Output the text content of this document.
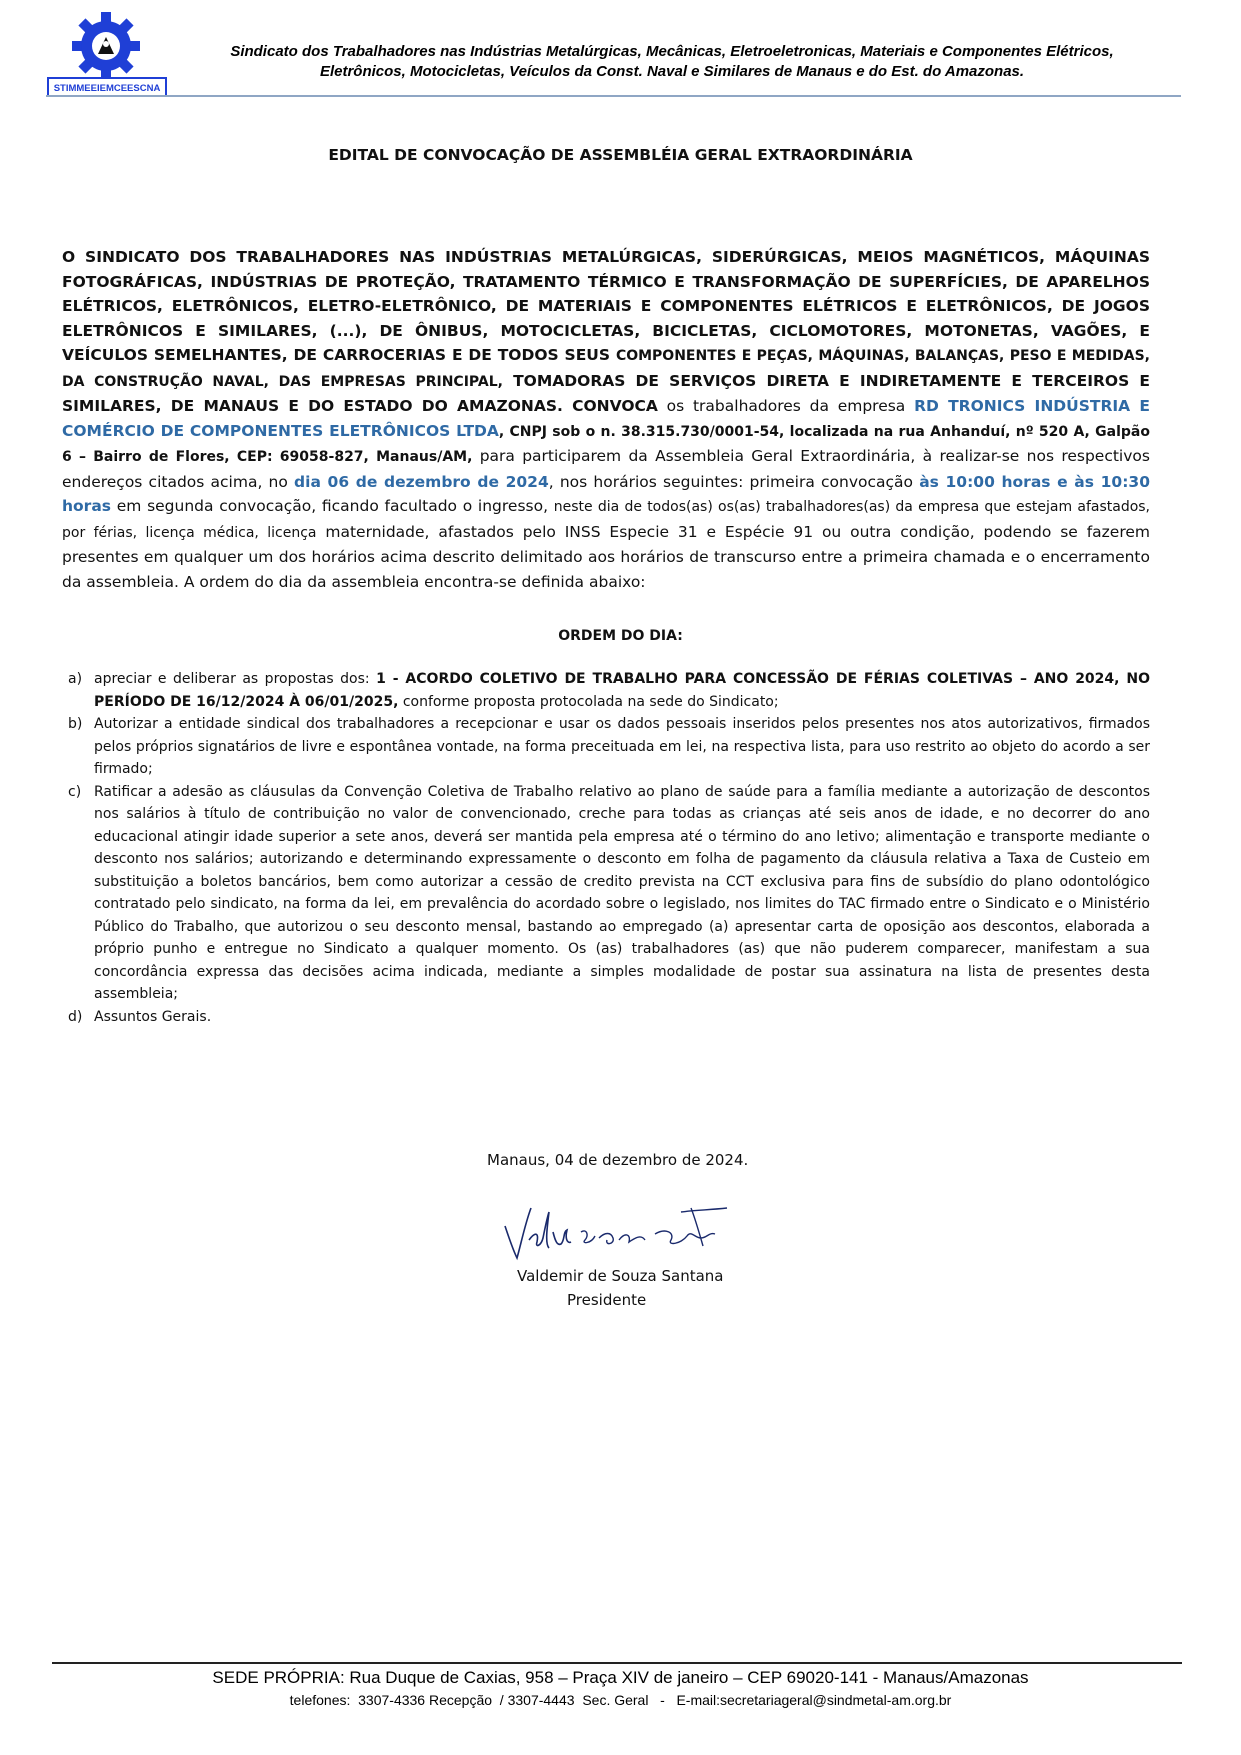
STIMMEEIEMCEESCNA
Sindicato dos Trabalhadores nas Indústrias Metalúrgicas, Mecânicas, Eletroeletronicas, Materiais e Componentes Elétricos,
Eletrônicos, Motocicletas, Veículos da Const. Naval e Similares de Manaus e do Est. do Amazonas.
EDITAL DE CONVOCAÇÃO DE ASSEMBLÉIA GERAL EXTRAORDINÁRIA

O SINDICATO DOS TRABALHADORES NAS INDÚSTRIAS METALÚRGICAS, SIDERÚRGICAS, MEIOS MAGNÉTICOS, MÁQUINAS FOTOGRÁFICAS, INDÚSTRIAS DE PROTEÇÃO, TRATAMENTO TÉRMICO E TRANSFORMAÇÃO DE SUPERFÍCIES, DE APARELHOS ELÉTRICOS, ELETRÔNICOS, ELETRO-ELETRÔNICO, DE MATERIAIS E COMPONENTES ELÉTRICOS E ELETRÔNICOS, DE JOGOS ELETRÔNICOS E SIMILARES, (...), DE ÔNIBUS, MOTOCICLETAS, BICICLETAS, CICLOMOTORES, MOTONETAS, VAGÕES, E VEÍCULOS SEMELHANTES, DE CARROCERIAS E DE TODOS SEUS COMPONENTES E PEÇAS, MÁQUINAS, BALANÇAS, PESO E MEDIDAS, DA CONSTRUÇÃO NAVAL, DAS EMPRESAS PRINCIPAL, TOMADORAS DE SERVIÇOS DIRETA E INDIRETAMENTE E TERCEIROS E SIMILARES, DE MANAUS E DO ESTADO DO AMAZONAS. CONVOCA os trabalhadores da empresa RD TRONICS INDÚSTRIA E COMÉRCIO DE COMPONENTES ELETRÔNICOS LTDA, CNPJ sob o n. 38.315.730/0001-54, localizada na rua Anhanduí, nº 520 A, Galpão 6 – Bairro de Flores, CEP: 69058-827, Manaus/AM, para participarem da Assembleia Geral Extraordinária, à realizar-se nos respectivos endereços citados acima, no dia 06 de dezembro de 2024, nos horários seguintes: primeira convocação às 10:00 horas e às 10:30 horas em segunda convocação, ficando facultado o ingresso, neste dia de todos(as) os(as) trabalhadores(as) da empresa que estejam afastados, por férias, licença médica, licença maternidade, afastados pelo INSS Especie 31 e Espécie 91 ou outra condição, podendo se fazerem presentes em qualquer um dos horários acima descrito delimitado aos horários de transcurso entre a primeira chamada e o encerramento da assembleia. A ordem do dia da assembleia encontra-se definida abaixo:

ORDEM DO DIA:

a) apreciar e deliberar as propostas dos: 1 - ACORDO COLETIVO DE TRABALHO PARA CONCESSÃO DE FÉRIAS COLETIVAS – ANO 2024, NO PERÍODO DE 16/12/2024 À 06/01/2025, conforme proposta protocolada na sede do Sindicato;

b) Autorizar a entidade sindical dos trabalhadores a recepcionar e usar os dados pessoais inseridos pelos presentes nos atos autorizativos, firmados pelos próprios signatários de livre e espontânea vontade, na forma preceituada em lei, na respectiva lista, para uso restrito ao objeto do acordo a ser firmado;

c) Ratificar a adesão as cláusulas da Convenção Coletiva de Trabalho relativo ao plano de saúde para a família mediante a autorização de descontos nos salários à título de contribuição no valor de convencionado, creche para todas as crianças até seis anos de idade, e no decorrer do ano educacional atingir idade superior a sete anos, deverá ser mantida pela empresa até o término do ano letivo; alimentação e transporte mediante o desconto nos salários; autorizando e determinando expressamente o desconto em folha de pagamento da cláusula relativa a Taxa de Custeio em substituição a boletos bancários, bem como autorizar a cessão de credito prevista na CCT exclusiva para fins de subsídio do plano odontológico contratado pelo sindicato, na forma da lei, em prevalência do acordado sobre o legislado, nos limites do TAC firmado entre o Sindicato e o Ministério Público do Trabalho, que autorizou o seu desconto mensal, bastando ao empregado (a) apresentar carta de oposição aos descontos, elaborada a próprio punho e entregue no Sindicato a qualquer momento. Os (as) trabalhadores (as) que não puderem comparecer, manifestam a sua concordância expressa das decisões acima indicada, mediante a simples modalidade de postar sua assinatura na lista de presentes desta assembleia;

d) Assuntos Gerais.

Manaus, 04 de dezembro de 2024.
Valdemir de Souza Santana
Valdemir de Souza Santana
Presidente
SEDE PRÓPRIA: Rua Duque de Caxias, 958 – Praça XIV de janeiro – CEP 69020-141 - Manaus/Amazonas
telefones:  3307-4336 Recepção  / 3307-4443  Sec. Geral   -   E-mail:secretariageral@sindmetal-am.org.br
